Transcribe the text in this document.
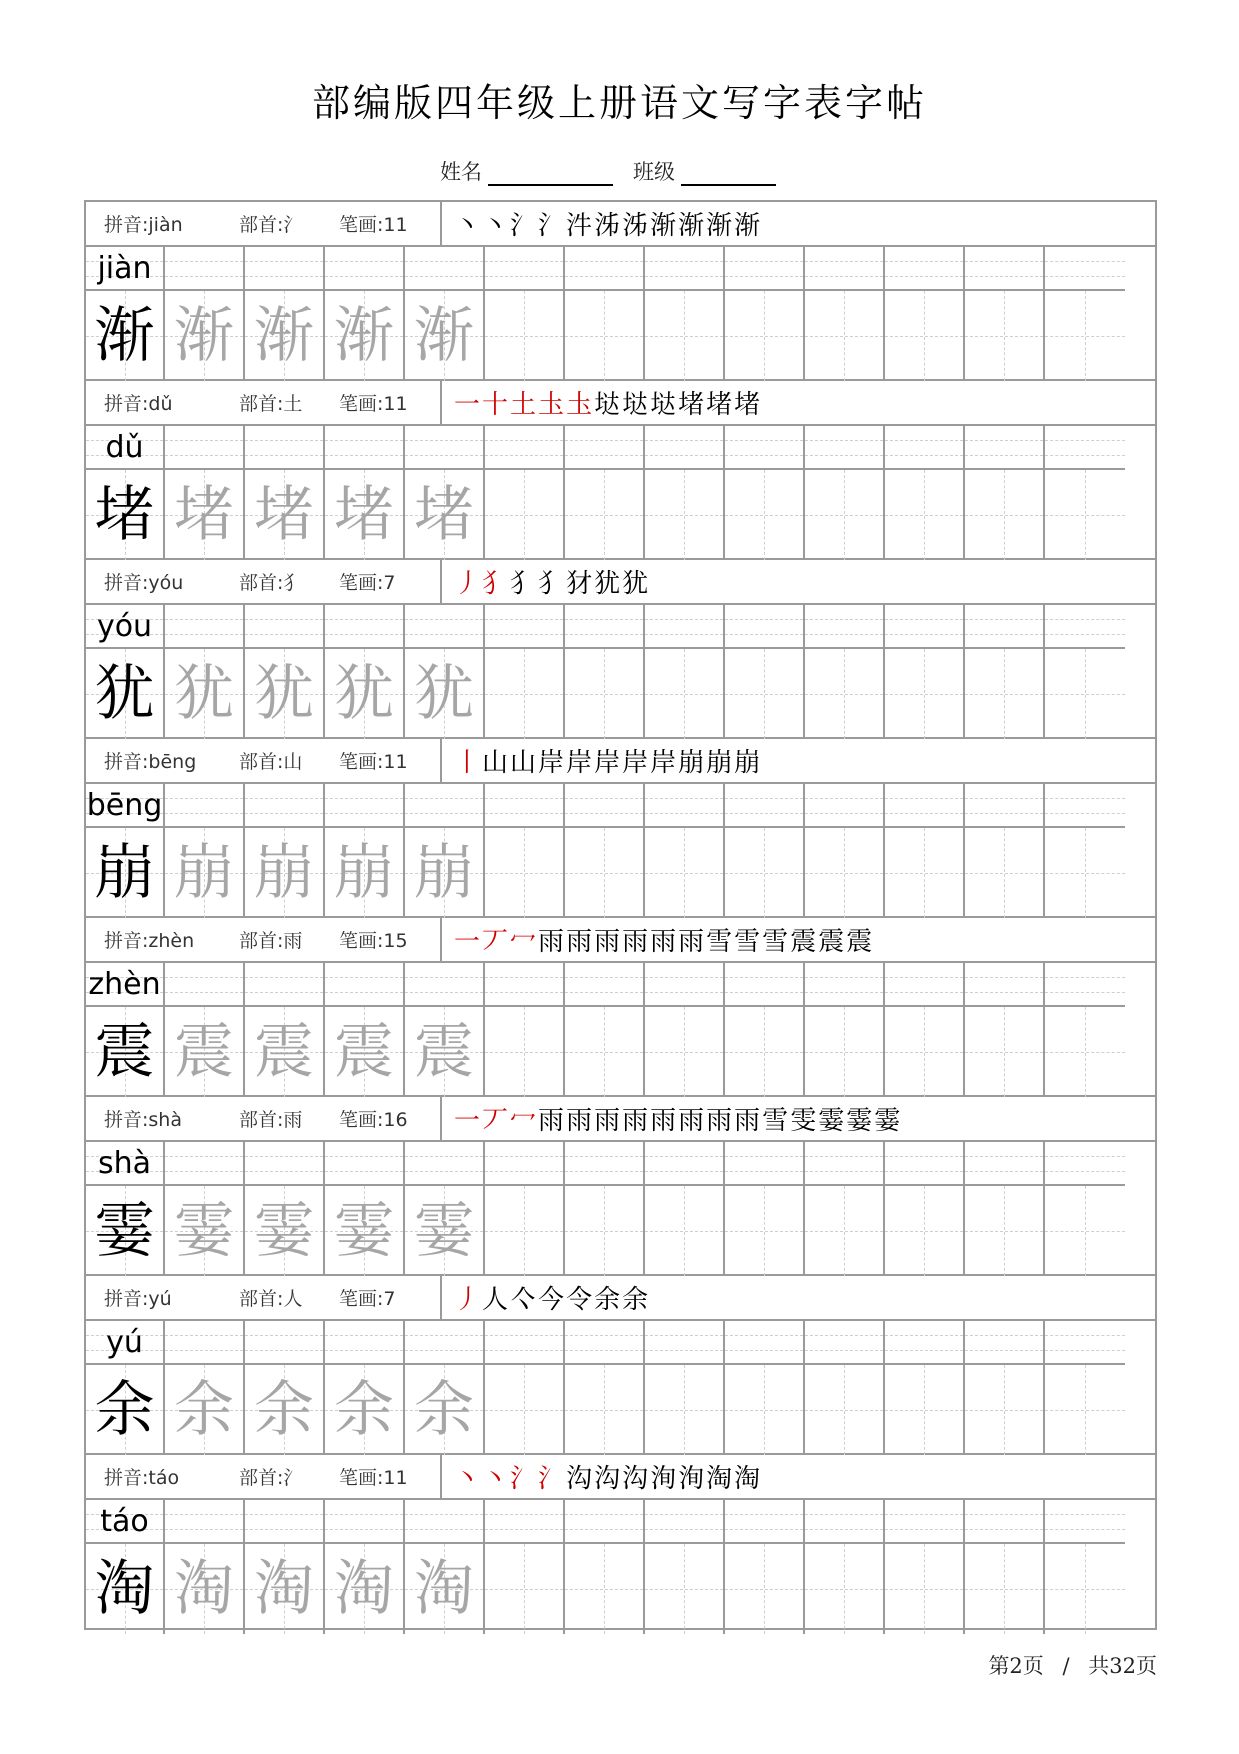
部编版四年级上册语文写字表字帖
姓名	班级
拼音:jiàn	部首:氵	笔画:11 丶 丶 氵 氵 汼 泲 泲 渐 渐 渐 渐
jiàn
渐 渐 渐 渐 渐
拼音:dǔ	部首:土	笔画:11 一 十 土 圡 圡 垯 垯 垯 堵 堵 堵
dǔ
堵 堵 堵 堵 堵
拼音:yóu	部首:犭	笔画:7 丿 犭 犭 犭 犲 犹 犹
yóu
犹 犹 犹 犹 犹
拼音:bēng	部首:山	笔画:11 丨 山 山 岸 岸 岸 岸 岸 崩 崩 崩
bēng
崩 崩 崩 崩 崩
拼音:zhèn	部首:雨	笔画:15 一 丆 冖 雨 雨 雨 雨 雨 雨 雪 雪 雪 震 震 震
zhèn
震 震 震 震 震
拼音:shà	部首:雨	笔画:16 一 丆 冖 雨 雨 雨 雨 雨 雨 雨 雨 雪 雯 霎 霎 霎
shà
霎 霎 霎 霎 霎
拼音:yú	部首:人	笔画:7 丿 人 亽 今 令 余 余
yú
余 余 余 余 余
拼音:táo	部首:氵	笔画:11 丶 丶 氵 氵 沟 沟 沟 洵 洵 淘 淘
táo
淘 淘 淘 淘 淘
第2页 / 共32页
